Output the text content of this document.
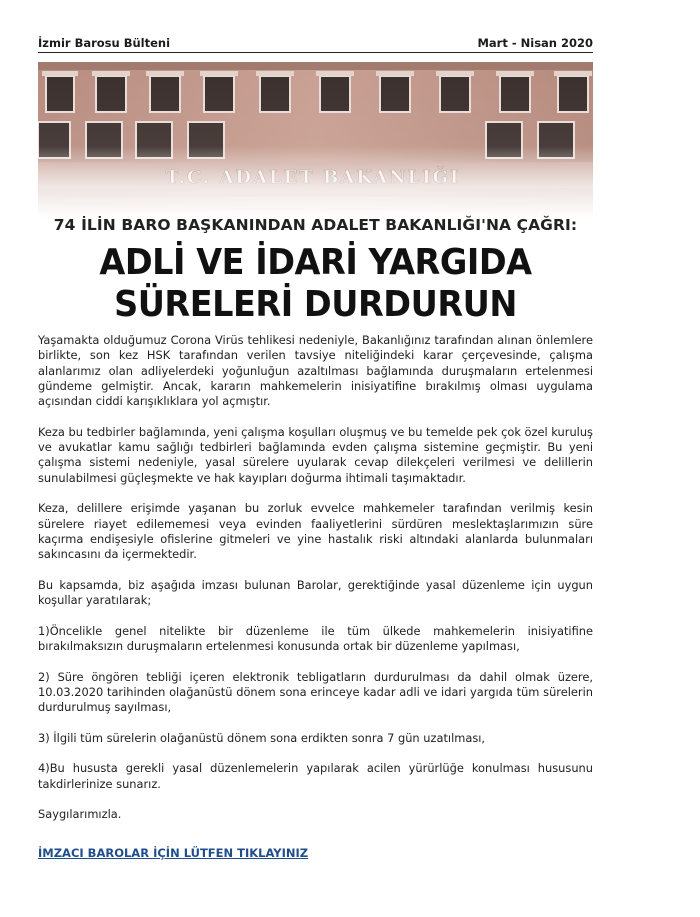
İzmir Barosu Bülteni	Mart - Nisan 2020
74 İLİN BARO BAŞKANINDAN ADALET BAKANLIĞI'NA ÇAĞRI:
ADLİ VE İDARİ YARGIDA
SÜRELERİ DURDURUN

Yaşamakta olduğumuz Corona Virüs tehlikesi nedeniyle, Bakanlığınız tarafından alınan önlemlere birlikte, son kez HSK tarafından verilen tavsiye niteliğindeki karar çerçevesinde, çalışma alanlarımız olan adliyelerdeki yoğunluğun azaltılması bağlamında duruşmaların ertelenmesi gündeme gelmiştir. Ancak, kararın mahkemelerin inisiyatifine bırakılmış olması uygulama açısından ciddi karışıklıklara yol açmıştır.

Keza bu tedbirler bağlamında, yeni çalışma koşulları oluşmuş ve bu temelde pek çok özel kuruluş ve avukatlar kamu sağlığı tedbirleri bağlamında evden çalışma sistemine geçmiştir. Bu yeni çalışma sistemi nedeniyle, yasal sürelere uyularak cevap dilekçeleri verilmesi ve delillerin sunulabilmesi güçleşmekte ve hak kayıpları doğurma ihtimali taşımaktadır.

Keza, delillere erişimde yaşanan bu zorluk evvelce mahkemeler tarafından verilmiş kesin sürelere riayet edilememesi veya evinden faaliyetlerini sürdüren meslektaşlarımızın süre kaçırma endişesiyle ofislerine gitmeleri ve yine hastalık riski altındaki alanlarda bulunmaları sakıncasını da içermektedir.

Bu kapsamda, biz aşağıda imzası bulunan Barolar, gerektiğinde yasal düzenleme için uygun koşullar yaratılarak;

1)Öncelikle genel nitelikte bir düzenleme ile tüm ülkede mahkemelerin inisiyatifine bırakılmaksızın duruşmaların ertelenmesi konusunda ortak bir düzenleme yapılması,

2) Süre öngören tebliği içeren elektronik tebligatların durdurulması da dahil olmak üzere, 10.03.2020 tarihinden olağanüstü dönem sona erinceye kadar adli ve idari yargıda tüm sürelerin durdurulmuş sayılması,

3) İlgili tüm sürelerin olağanüstü dönem sona erdikten sonra 7 gün uzatılması,

4)Bu hususta gerekli yasal düzenlemelerin yapılarak acilen yürürlüğe konulması hususunu takdirlerinize sunarız.

Saygılarımızla.

İMZACI BAROLAR İÇİN LÜTFEN TIKLAYINIZ
